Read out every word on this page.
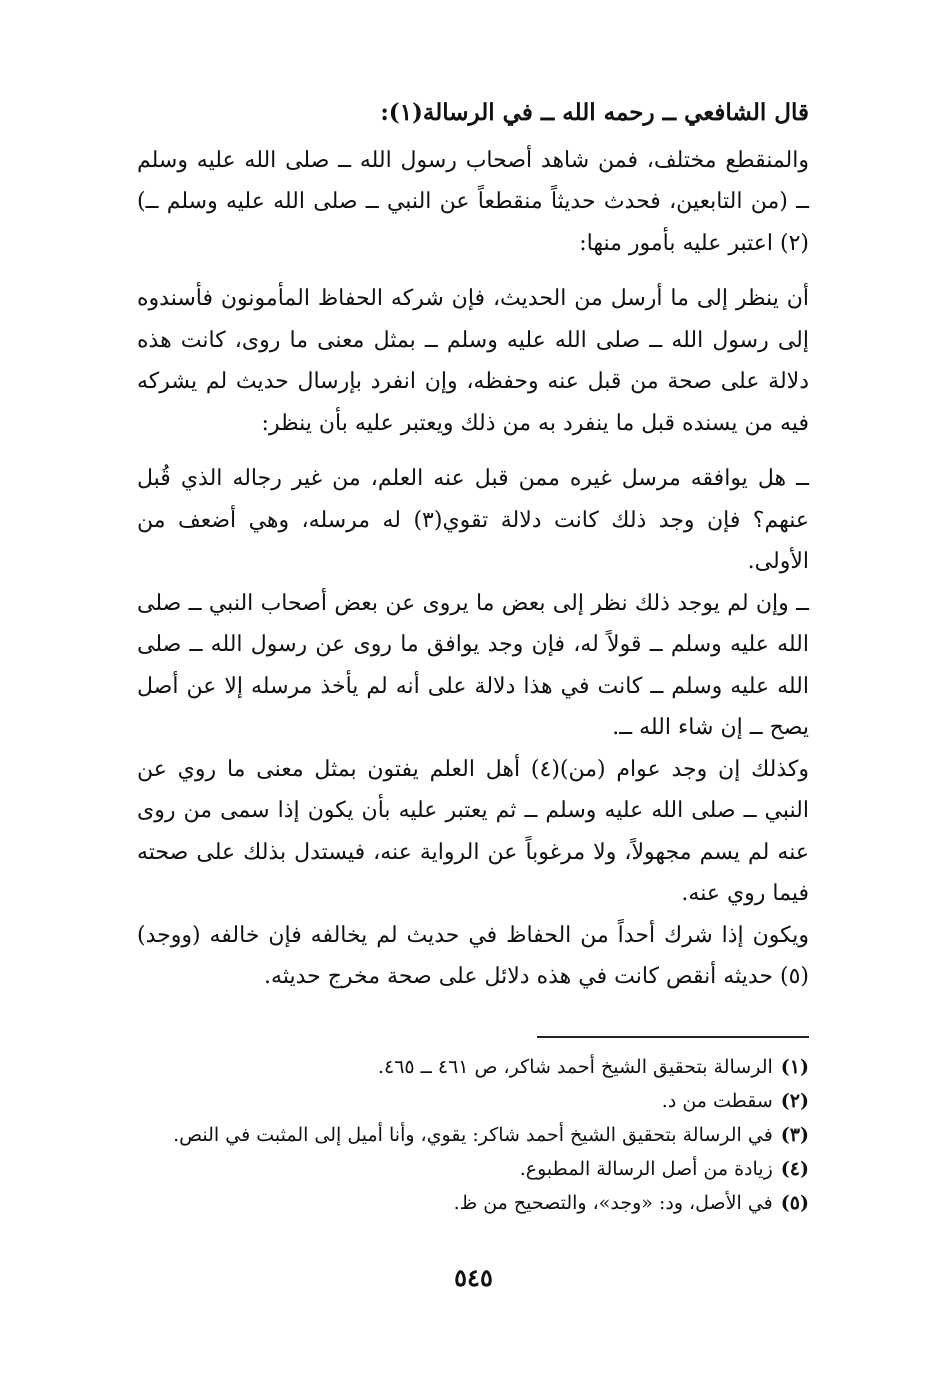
قال الشافعي ــ رحمه الله ــ في الرسالة(١):

والمنقطع مختلف، فمن شاهد أصحاب رسول الله ــ صلى الله عليه وسلم ــ (من التابعين، فحدث حديثاً منقطعاً عن النبي ــ صلى الله عليه وسلم ــ)(٢) اعتبر عليه بأمور منها:

أن ينظر إلى ما أرسل من الحديث، فإن شركه الحفاظ المأمونون فأسندوه إلى رسول الله ــ صلى الله عليه وسلم ــ بمثل معنى ما روى، كانت هذه دلالة على صحة من قبل عنه وحفظه، وإن انفرد بإرسال حديث لم يشركه فيه من يسنده قبل ما ينفرد به من ذلك ويعتبر عليه بأن ينظر:

ــ هل يوافقه مرسل غيره ممن قبل عنه العلم، من غير رجاله الذي قُبل عنهم؟ فإن وجد ذلك كانت دلالة تقوي(٣) له مرسله، وهي أضعف من الأولى.

ــ وإن لم يوجد ذلك نظر إلى بعض ما يروى عن بعض أصحاب النبي ــ صلى الله عليه وسلم ــ قولاً له، فإن وجد يوافق ما روى عن رسول الله ــ صلى الله عليه وسلم ــ كانت في هذا دلالة على أنه لم يأخذ مرسله إلا عن أصل يصح ــ إن شاء الله ــ.

وكذلك إن وجد عوام (من)(٤) أهل العلم يفتون بمثل معنى ما روي عن النبي ــ صلى الله عليه وسلم ــ ثم يعتبر عليه بأن يكون إذا سمى من روى عنه لم يسم مجهولاً، ولا مرغوباً عن الرواية عنه، فيستدل بذلك على صحته فيما روي عنه.

ويكون إذا شرك أحداً من الحفاظ في حديث لم يخالفه فإن خالفه (ووجد)(٥) حديثه أنقص كانت في هذه دلائل على صحة مخرج حديثه.

(١)الرسالة بتحقيق الشيخ أحمد شاكر، ص ٤٦١ ــ ٤٦٥.

(٢)سقطت من د.

(٣)في الرسالة بتحقيق الشيخ أحمد شاكر: يقوي، وأنا أميل إلى المثبت في النص.

(٤)زيادة من أصل الرسالة المطبوع.

(٥)في الأصل، ود: «وجد»، والتصحيح من ظ.

٥٤٥
